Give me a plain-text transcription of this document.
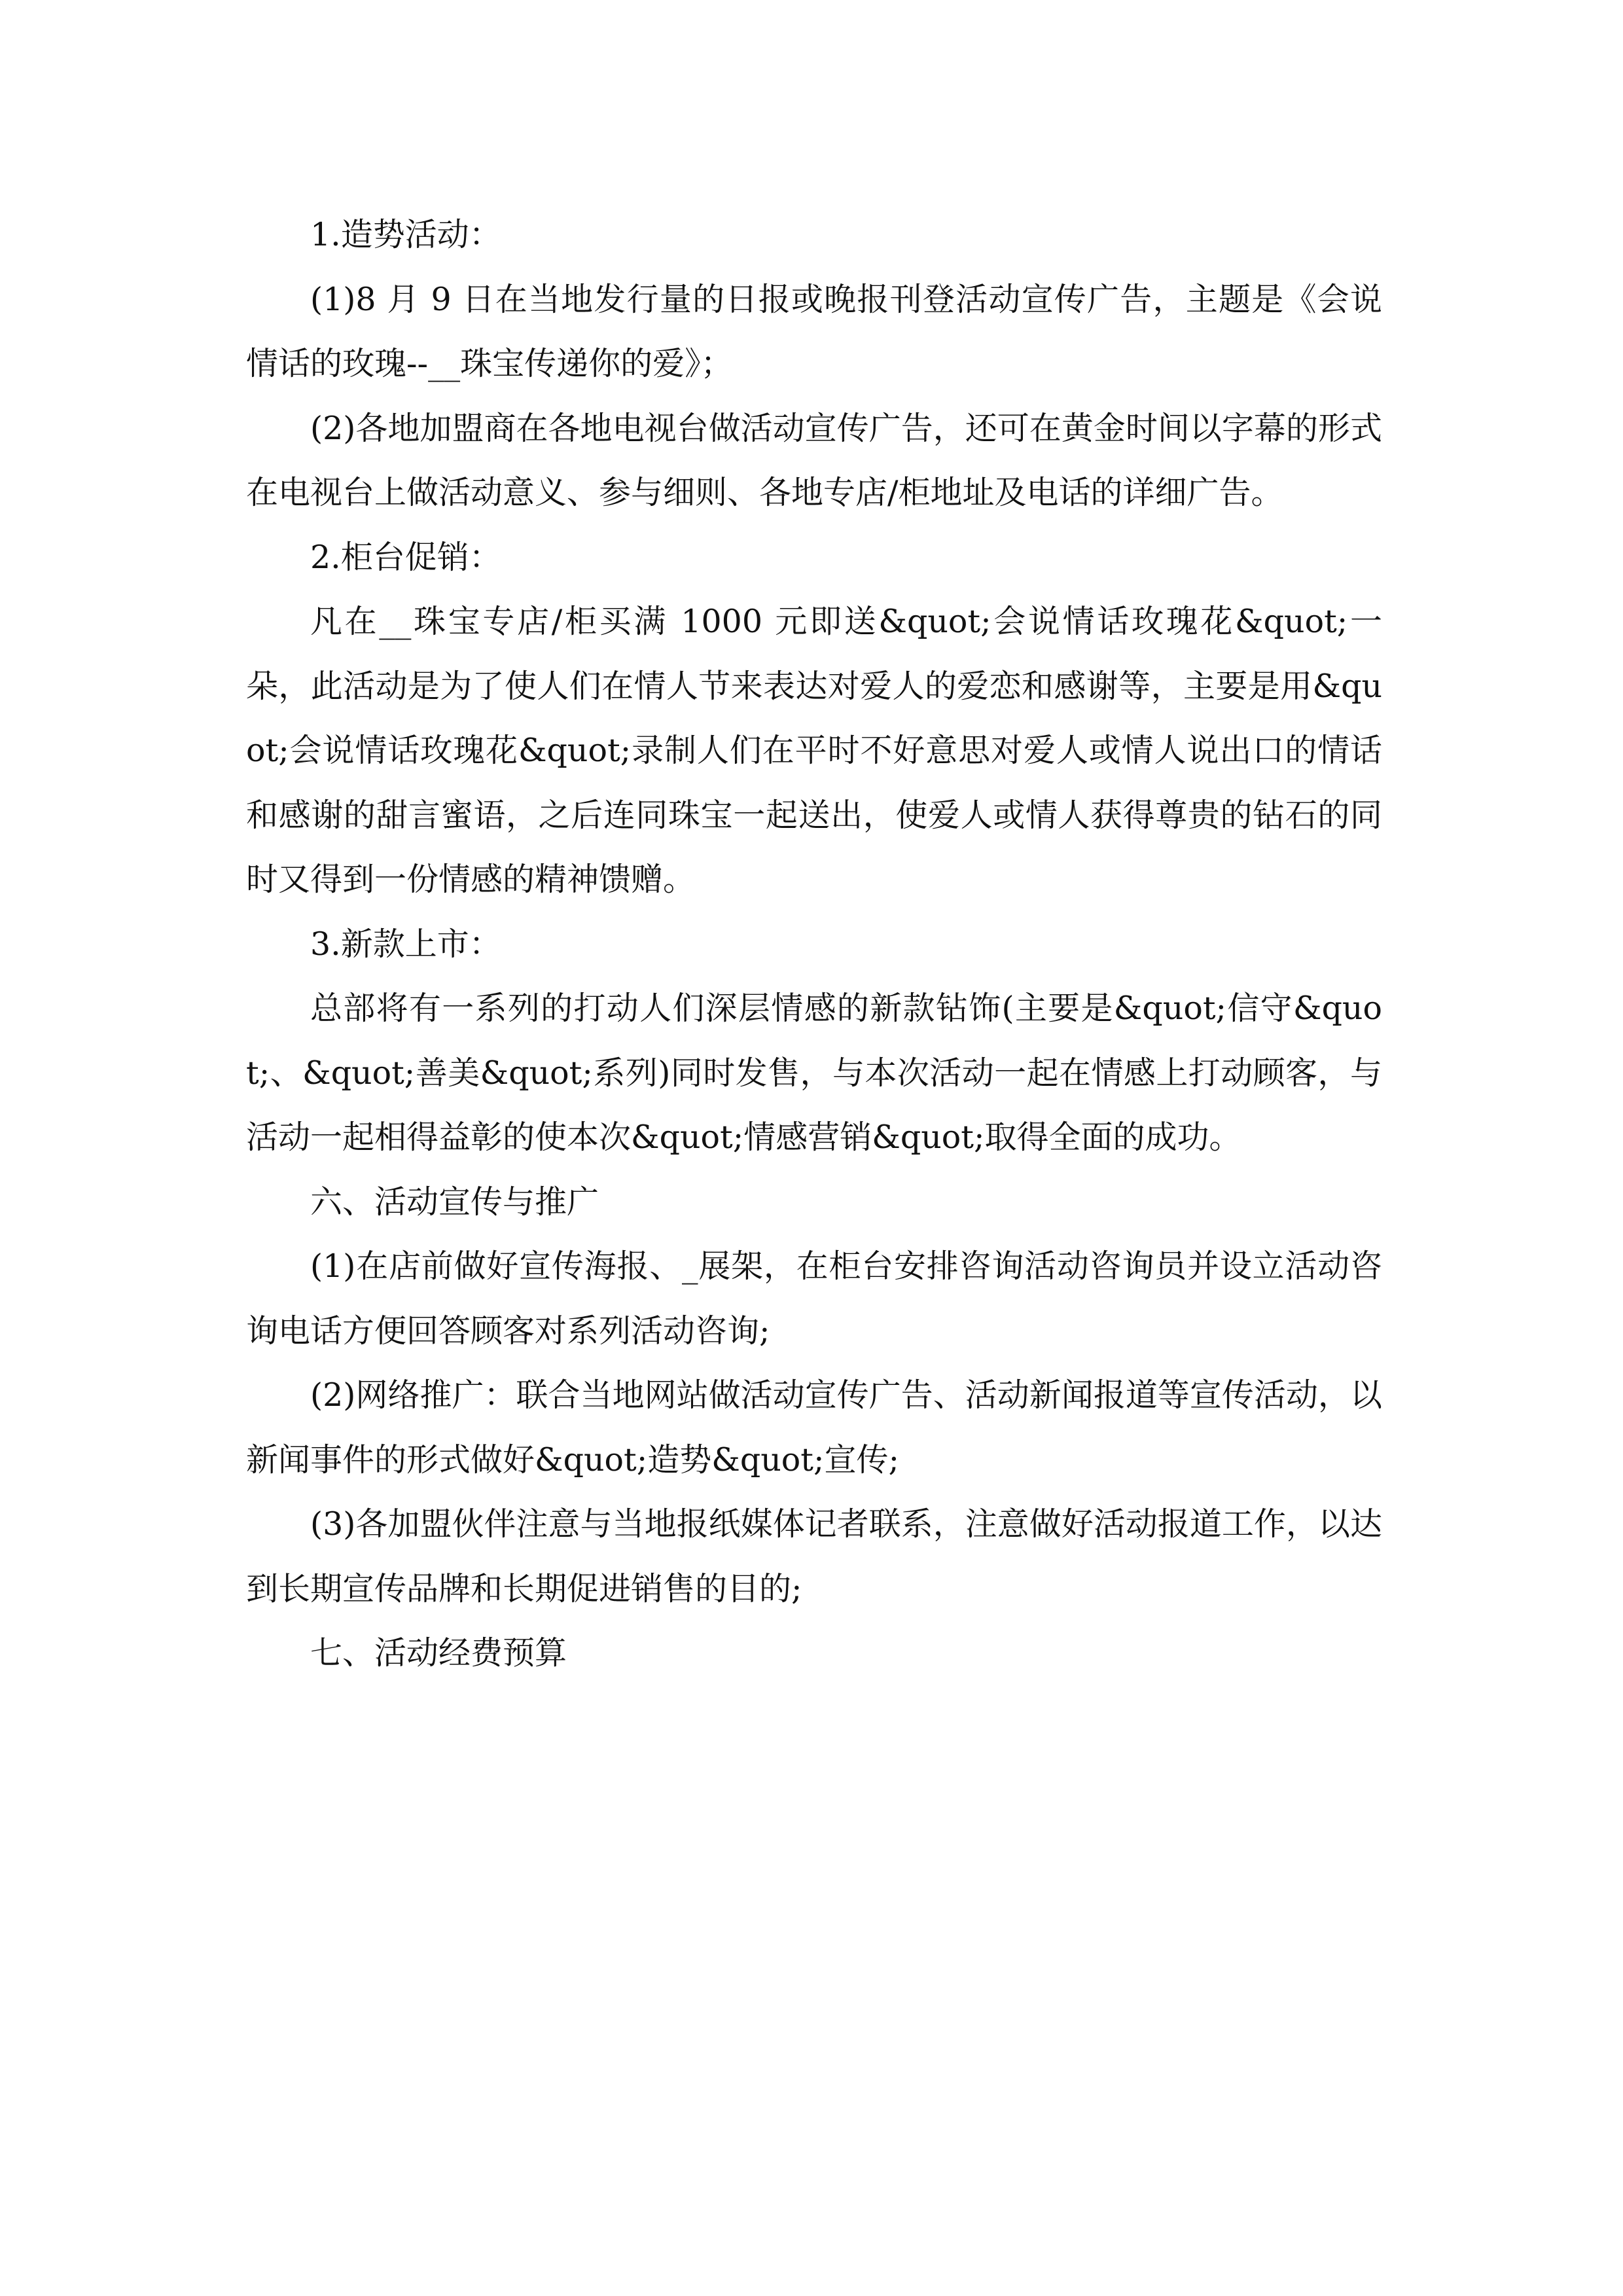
1.造势活动：

(1)8 月 9 日在当地发行量的日报或晚报刊登活动宣传广告，主题是《会说情话的玫瑰--__珠宝传递你的爱》；

(2)各地加盟商在各地电视台做活动宣传广告，还可在黄金时间以字幕的形式在电视台上做活动意义、参与细则、各地专店/柜地址及电话的详细广告。

2.柜台促销：

凡在__珠宝专店/柜买满 1000 元即送&quot;会说情话玫瑰花&quot;一朵，此活动是为了使人们在情人节来表达对爱人的爱恋和感谢等，主要是用&quot;会说情话玫瑰花&quot;录制人们在平时不好意思对爱人或情人说出口的情话和感谢的甜言蜜语，之后连同珠宝一起送出，使爱人或情人获得尊贵的钻石的同时又得到一份情感的精神馈赠。

3.新款上市：

总部将有一系列的打动人们深层情感的新款钻饰(主要是&quot;信守&quot;、&quot;善美&quot;系列)同时发售，与本次活动一起在情感上打动顾客，与活动一起相得益彰的使本次&quot;情感营销&quot;取得全面的成功。

六、活动宣传与推广

(1)在店前做好宣传海报、_展架，在柜台安排咨询活动咨询员并设立活动咨询电话方便回答顾客对系列活动咨询;

(2)网络推广：联合当地网站做活动宣传广告、活动新闻报道等宣传活动，以新闻事件的形式做好&quot;造势&quot;宣传;

(3)各加盟伙伴注意与当地报纸媒体记者联系，注意做好活动报道工作，以达到长期宣传品牌和长期促进销售的目的;

七、活动经费预算
